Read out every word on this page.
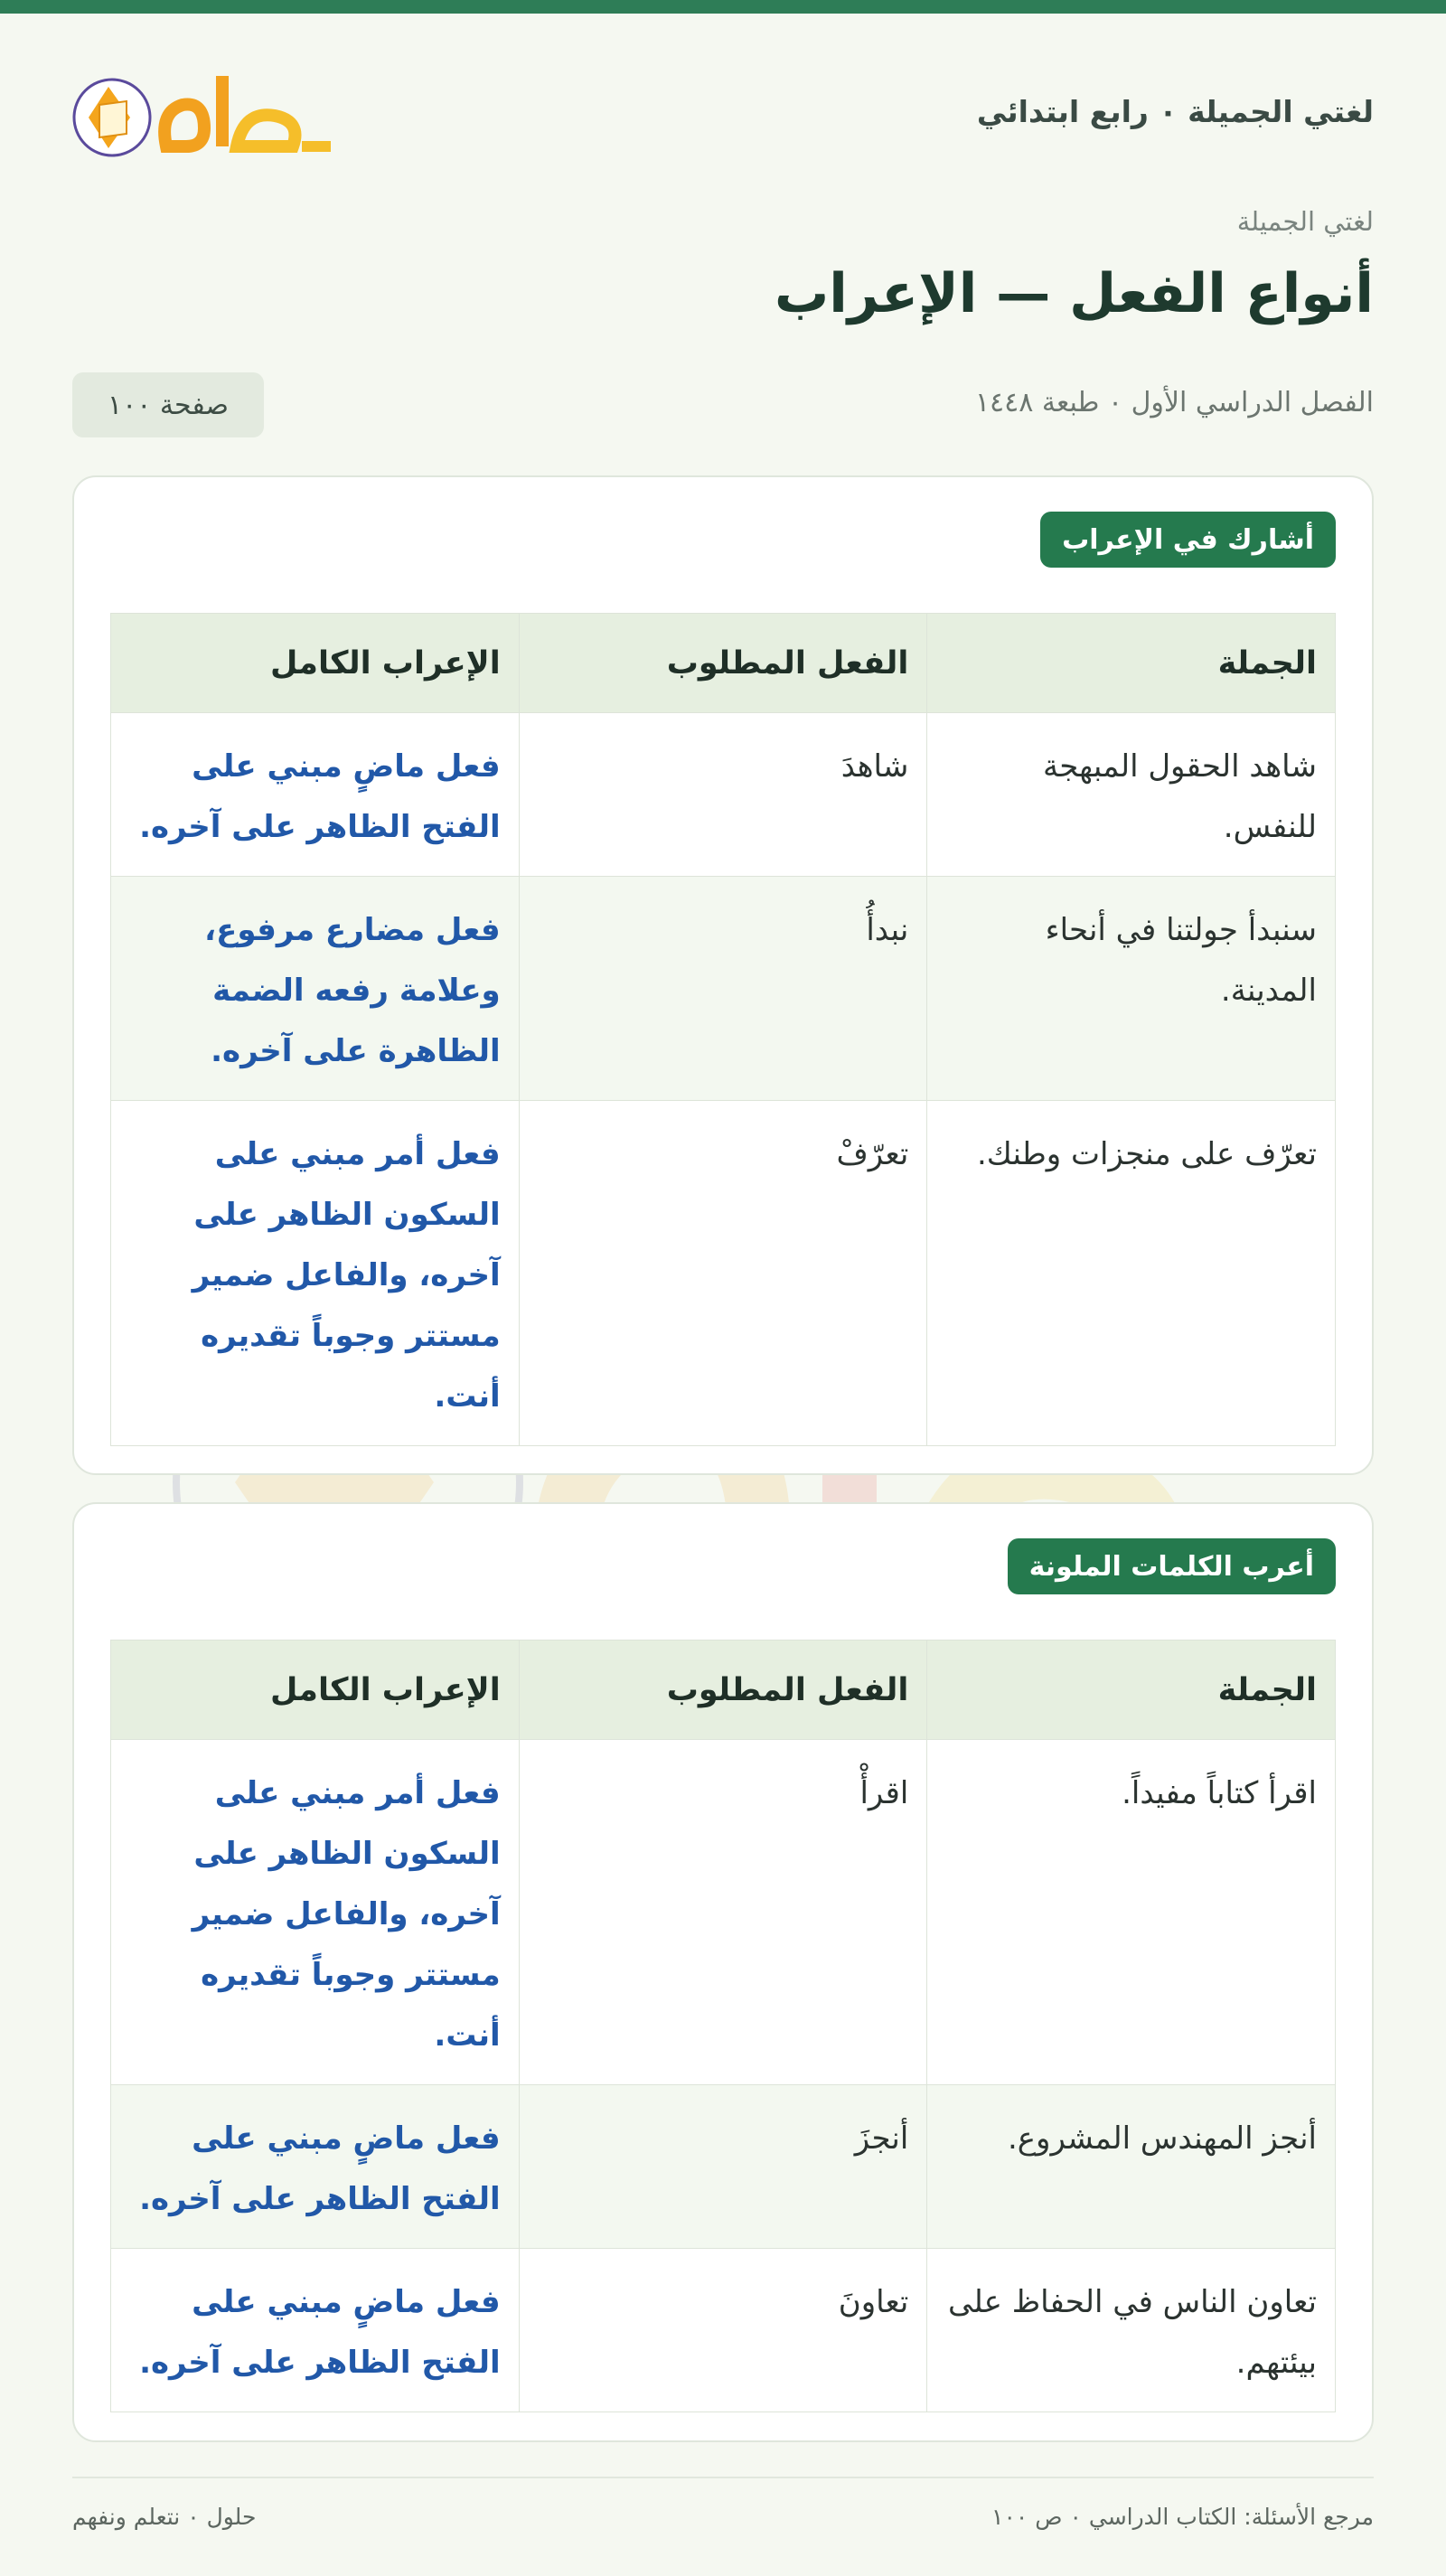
لغتي الجميلة ٠ رابع ابتدائي
لغتي الجميلة
أنواع الفعل — الإعراب
الفصل الدراسي الأول ٠ طبعة ١٤٤٨
صفحة ١٠٠
أشارك في الإعراب
الجملة	الفعل المطلوب	الإعراب الكامل
شاهد الحقول المبهجة للنفس.	شاهدَ	فعل ماضٍ مبني على الفتح الظاهر على آخره.
سنبدأ جولتنا في أنحاء المدينة.	نبدأُ	فعل مضارع مرفوع، وعلامة رفعه الضمة الظاهرة على آخره.
تعرّف على منجزات وطنك.	تعرّفْ	فعل أمر مبني على السكون الظاهر على آخره، والفاعل ضمير مستتر وجوباً تقديره أنت.
أعرب الكلمات الملونة
الجملة	الفعل المطلوب	الإعراب الكامل
اقرأ كتاباً مفيداً.	اقرأْ	فعل أمر مبني على السكون الظاهر على آخره، والفاعل ضمير مستتر وجوباً تقديره أنت.
أنجز المهندس المشروع.	أنجزَ	فعل ماضٍ مبني على الفتح الظاهر على آخره.
تعاون الناس في الحفاظ على بيئتهم.	تعاونَ	فعل ماضٍ مبني على الفتح الظاهر على آخره.
مرجع الأسئلة: الكتاب الدراسي ٠ ص ١٠٠
حلول ٠ نتعلم ونفهم
